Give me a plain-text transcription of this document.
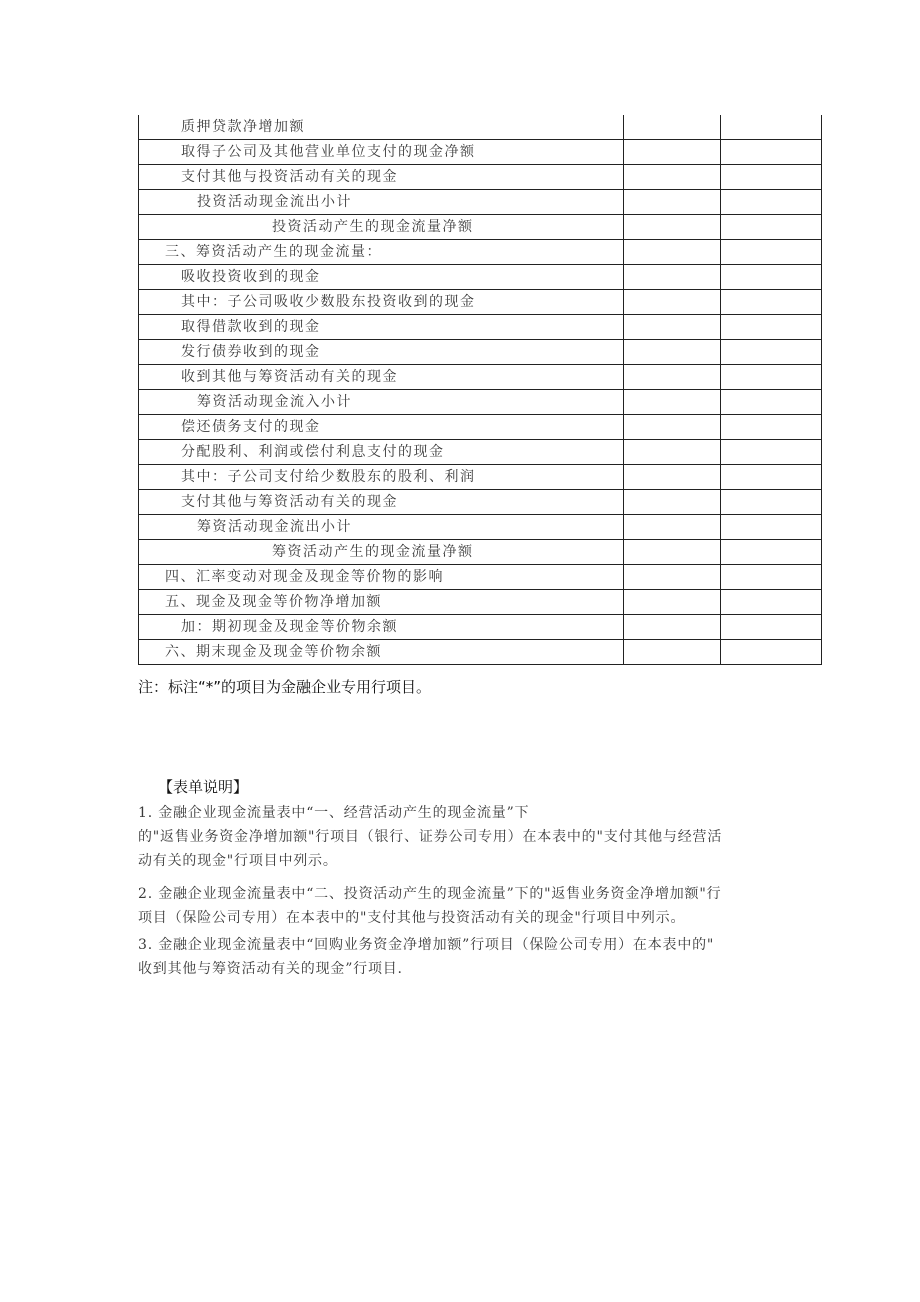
质押贷款净增加额		
取得子公司及其他营业单位支付的现金净额		
支付其他与投资活动有关的现金		
投资活动现金流出小计		
投资活动产生的现金流量净额		
三、筹资活动产生的现金流量：		
吸收投资收到的现金		
其中：子公司吸收少数股东投资收到的现金		
取得借款收到的现金		
发行债券收到的现金		
收到其他与筹资活动有关的现金		
筹资活动现金流入小计		
偿还债务支付的现金		
分配股利、利润或偿付利息支付的现金		
其中：子公司支付给少数股东的股利、利润		
支付其他与筹资活动有关的现金		
筹资活动现金流出小计		
筹资活动产生的现金流量净额		
四、汇率变动对现金及现金等价物的影响		
五、现金及现金等价物净增加额		
加：期初现金及现金等价物余额		
六、期末现金及现金等价物余额		
注：标注“*”的项目为金融企业专用行项目。
【表单说明】
1. 金融企业现金流量表中“一、经营活动产生的现金流量”下
的"返售业务资金净增加额"行项目（银行、证券公司专用）在本表中的"支付其他与经营活
动有关的现金"行项目中列示。
2. 金融企业现金流量表中“二、投资活动产生的现金流量”下的"返售业务资金净增加额"行
项目（保险公司专用）在本表中的"支付其他与投资活动有关的现金"行项目中列示。
3. 金融企业现金流量表中“回购业务资金净增加额”行项目（保险公司专用）在本表中的"
收到其他与筹资活动有关的现金”行项目.
